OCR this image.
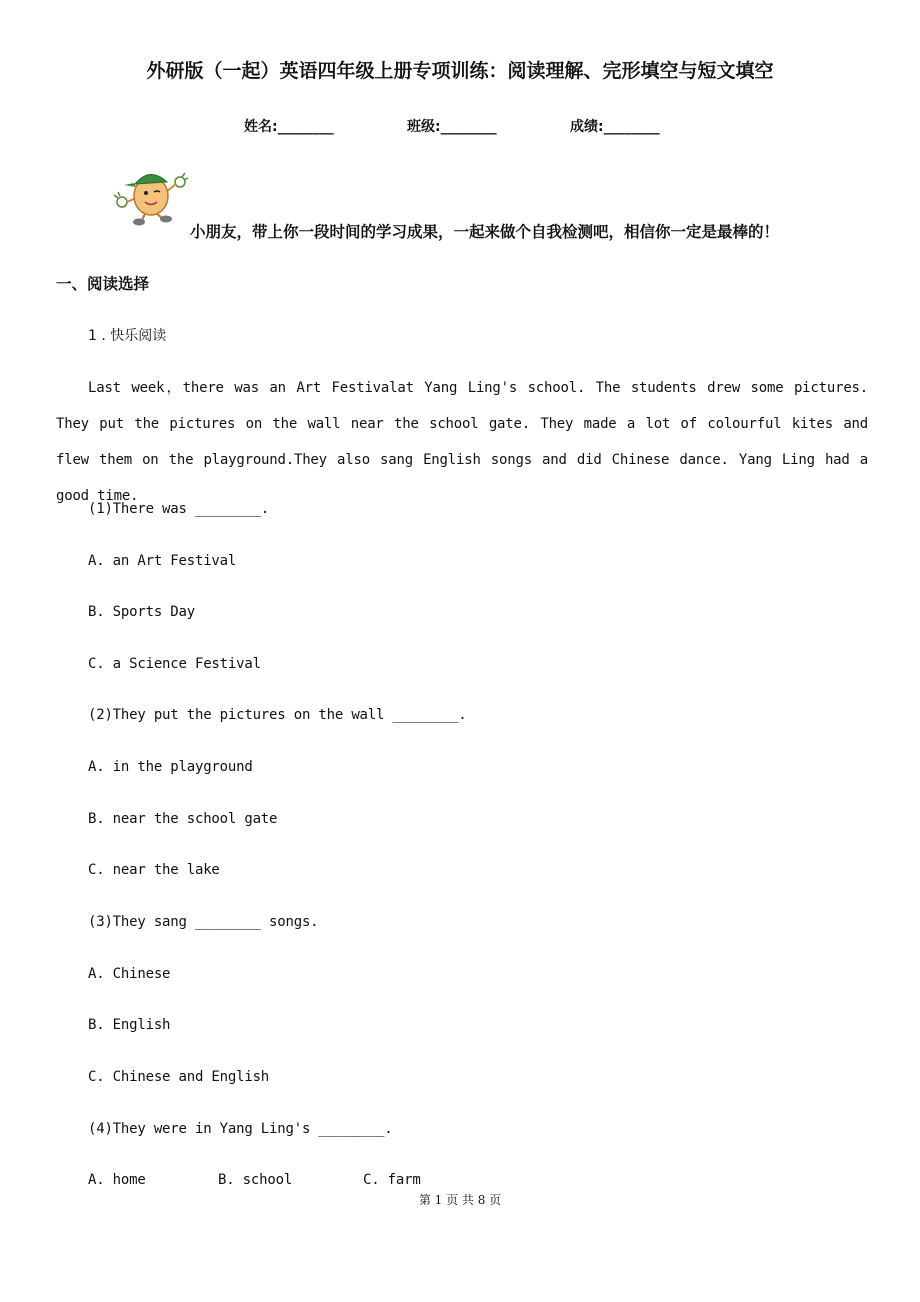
外研版（一起）英语四年级上册专项训练：阅读理解、完形填空与短文填空
姓名:________	班级:________	成绩:________
小朋友，带上你一段时间的学习成果，一起来做个自我检测吧，相信你一定是最棒的！
一、阅读选择
1 . 快乐阅读
Last week，there was an Art Festivalat Yang Ling's school. The students drew some pictures. They put the pictures on the wall near the school gate. They made a lot of colourful kites and flew them on the playground.They also sang English songs and did Chinese dance. Yang Ling had a good time.
(1)There was ________.
A. an Art Festival
B. Sports Day
C. a Science Festival
(2)They put the pictures on the wall ________.
A. in the playground
B. near the school gate
C. near the lake
(3)They sang ________ songs.
A. Chinese
B. English
C. Chinese and English
(4)They were in Yang Ling's ________.
A. home	B. school	C. farm
第 1 页 共 8 页
